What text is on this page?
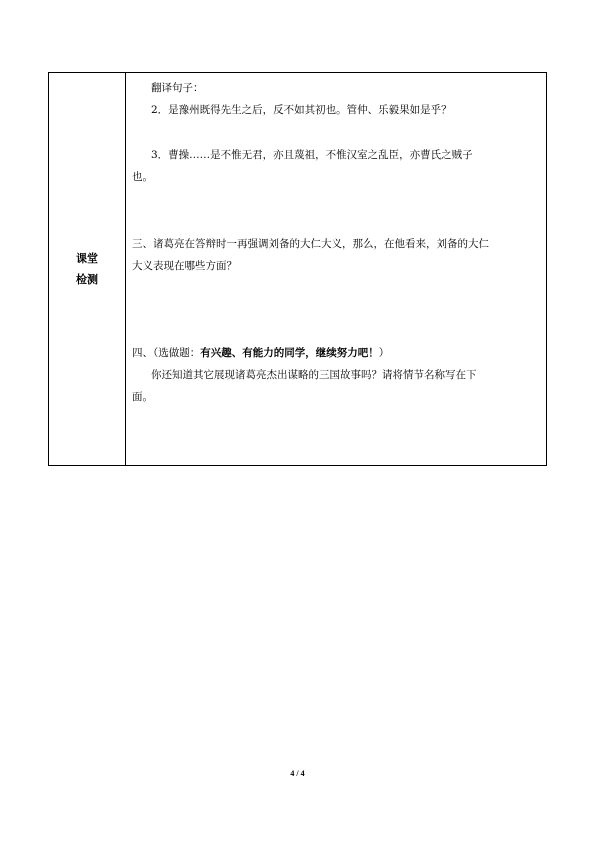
课堂
检测
翻译句子：
2．是豫州既得先生之后，反不如其初也。管仲、乐毅果如是乎？
3．曹操……是不惟无君，亦且蔑祖，不惟汉室之乱臣，亦曹氏之贼子
也。
三、诸葛亮在答辩时一再强调刘备的大仁大义，那么，在他看来，刘备的大仁
大义表现在哪些方面？
四、（选做题：有兴趣、有能力的同学，继续努力吧！）
你还知道其它展现诸葛亮杰出谋略的三国故事吗？请将情节名称写在下
面。
4 / 4
